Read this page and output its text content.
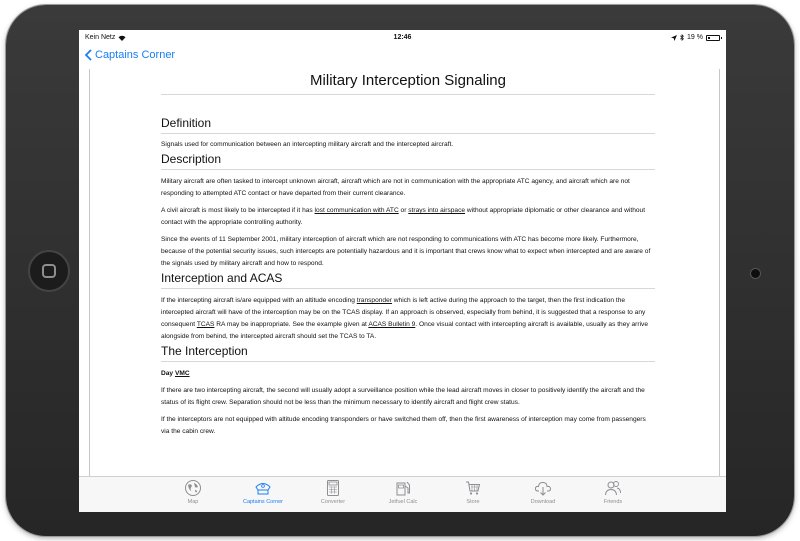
Kein Netz	12:46	19 %
Captains Corner
Military Interception Signaling
Definition

Signals used for communication between an intercepting military aircraft and the intercepted aircraft.

Description

Military aircraft are often tasked to intercept unknown aircraft, aircraft which are not in communication with the appropriate ATC agency, and aircraft which are not responding to attempted ATC contact or have departed from their current clearance.

A civil aircraft is most likely to be intercepted if it has lost communication with ATC or strays into airspace without appropriate diplomatic or other clearance and without contact with the appropriate controlling authority.

Since the events of 11 September 2001, military interception of aircraft which are not responding to communications with ATC has become more likely. Furthermore, because of the potential security issues, such intercepts are potentially hazardous and it is important that crews know what to expect when intercepted and are aware of the signals used by military aircraft and how to respond.

Interception and ACAS

If the intercepting aircraft is/are equipped with an altitude encoding transponder which is left active during the approach to the target, then the first indication the intercepted aircraft will have of the interception may be on the TCAS display. If an approach is observed, especially from behind, it is suggested that a response to any consequent TCAS RA may be inappropriate. See the example given at ACAS Bulletin 9. Once visual contact with intercepting aircraft is available, usually as they arrive alongside from behind, the intercepted aircraft should set the TCAS to TA.

The Interception

Day VMC

If there are two intercepting aircraft, the second will usually adopt a surveillance position while the lead aircraft moves in closer to positively identify the aircraft and the status of its flight crew. Separation should not be less than the minimum necessary to identify aircraft and flight crew status.

If the interceptors are not equipped with altitude encoding transponders or have switched them off, then the first awareness of interception may come from passengers via the cabin crew.

Map	Captains Corner	Converter	Jetfuel Calc	Store	Download	Friends
